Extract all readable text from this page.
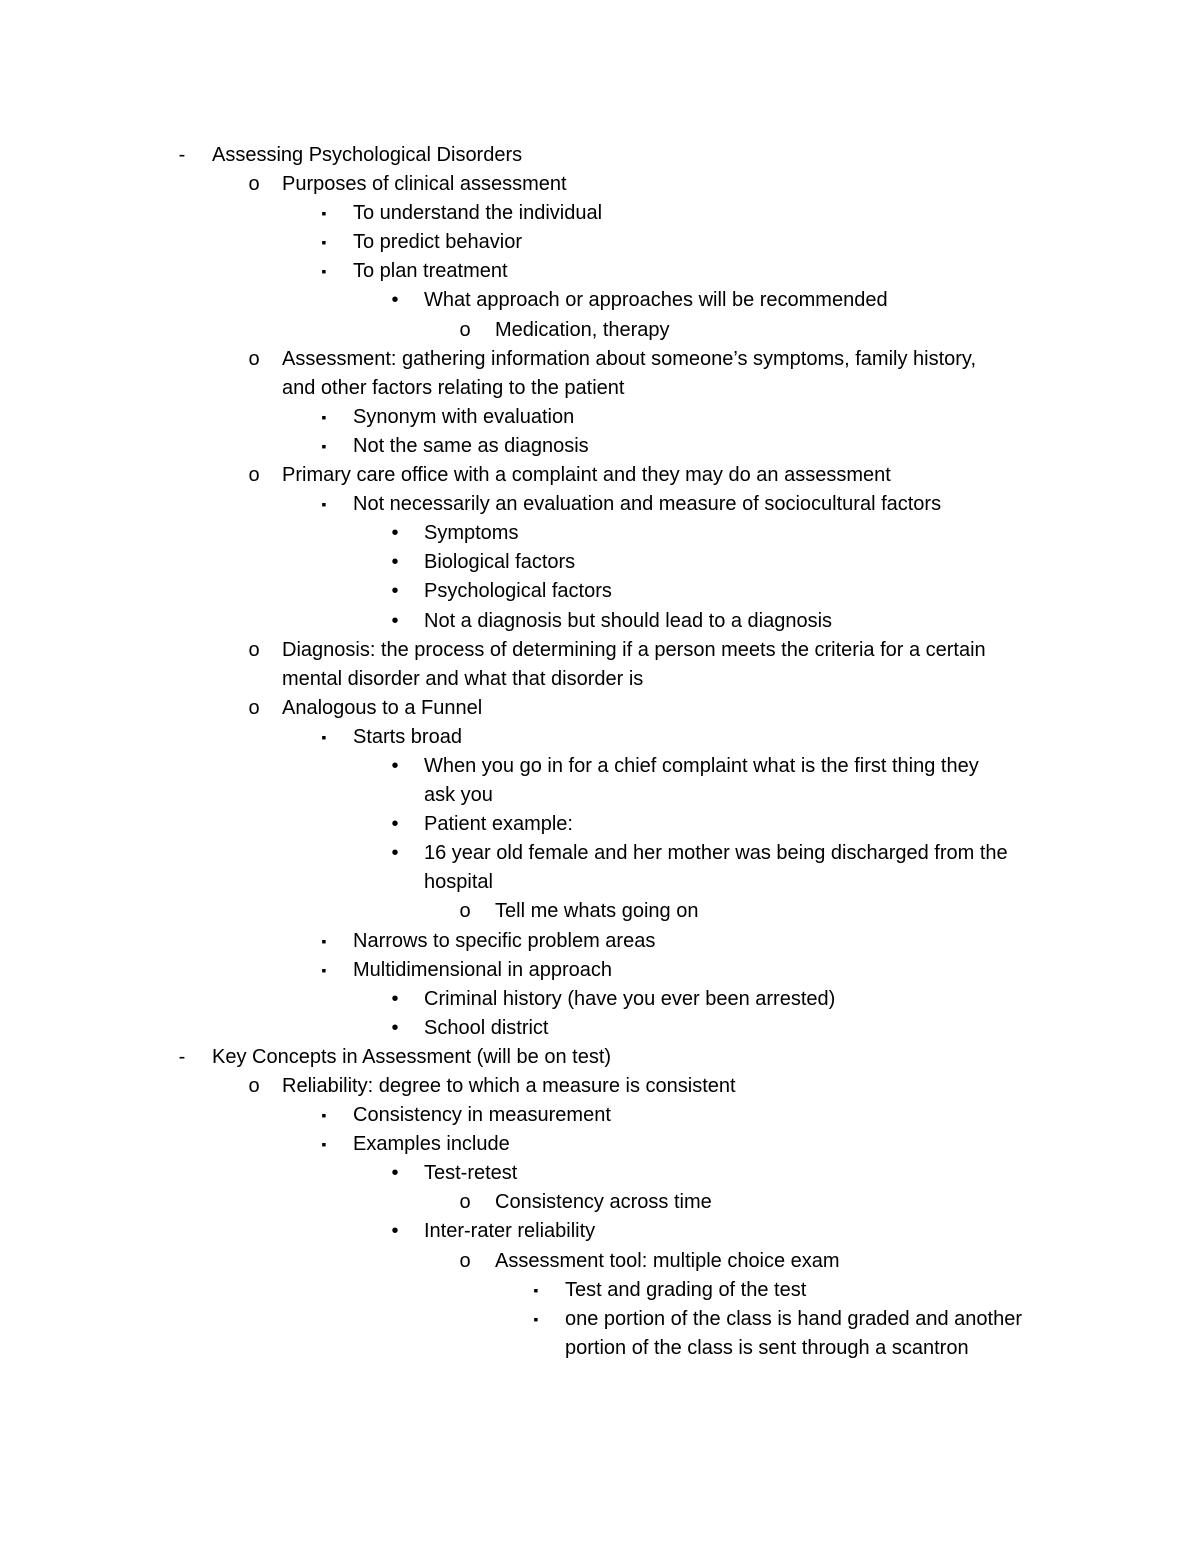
-	Assessing Psychological Disorders
o	Purposes of clinical assessment
▪	To understand the individual
▪	To predict behavior
▪	To plan treatment
•	What approach or approaches will be recommended
o	Medication, therapy
o	Assessment: gathering information about someone’s symptoms, family history,
and other factors relating to the patient
▪	Synonym with evaluation
▪	Not the same as diagnosis
o	Primary care office with a complaint and they may do an assessment
▪	Not necessarily an evaluation and measure of sociocultural factors
•	Symptoms
•	Biological factors
•	Psychological factors
•	Not a diagnosis but should lead to a diagnosis
o	Diagnosis: the process of determining if a person meets the criteria for a certain
mental disorder and what that disorder is
o	Analogous to a Funnel
▪	Starts broad
•	When you go in for a chief complaint what is the first thing they
ask you
•	Patient example:
•	16 year old female and her mother was being discharged from the
hospital
o	Tell me whats going on
▪	Narrows to specific problem areas
▪	Multidimensional in approach
•	Criminal history (have you ever been arrested)
•	School district
-	Key Concepts in Assessment (will be on test)
o	Reliability: degree to which a measure is consistent
▪	Consistency in measurement
▪	Examples include
•	Test-retest
o	Consistency across time
•	Inter-rater reliability
o	Assessment tool: multiple choice exam
▪	Test and grading of the test
▪	one portion of the class is hand graded and another
portion of the class is sent through a scantron
